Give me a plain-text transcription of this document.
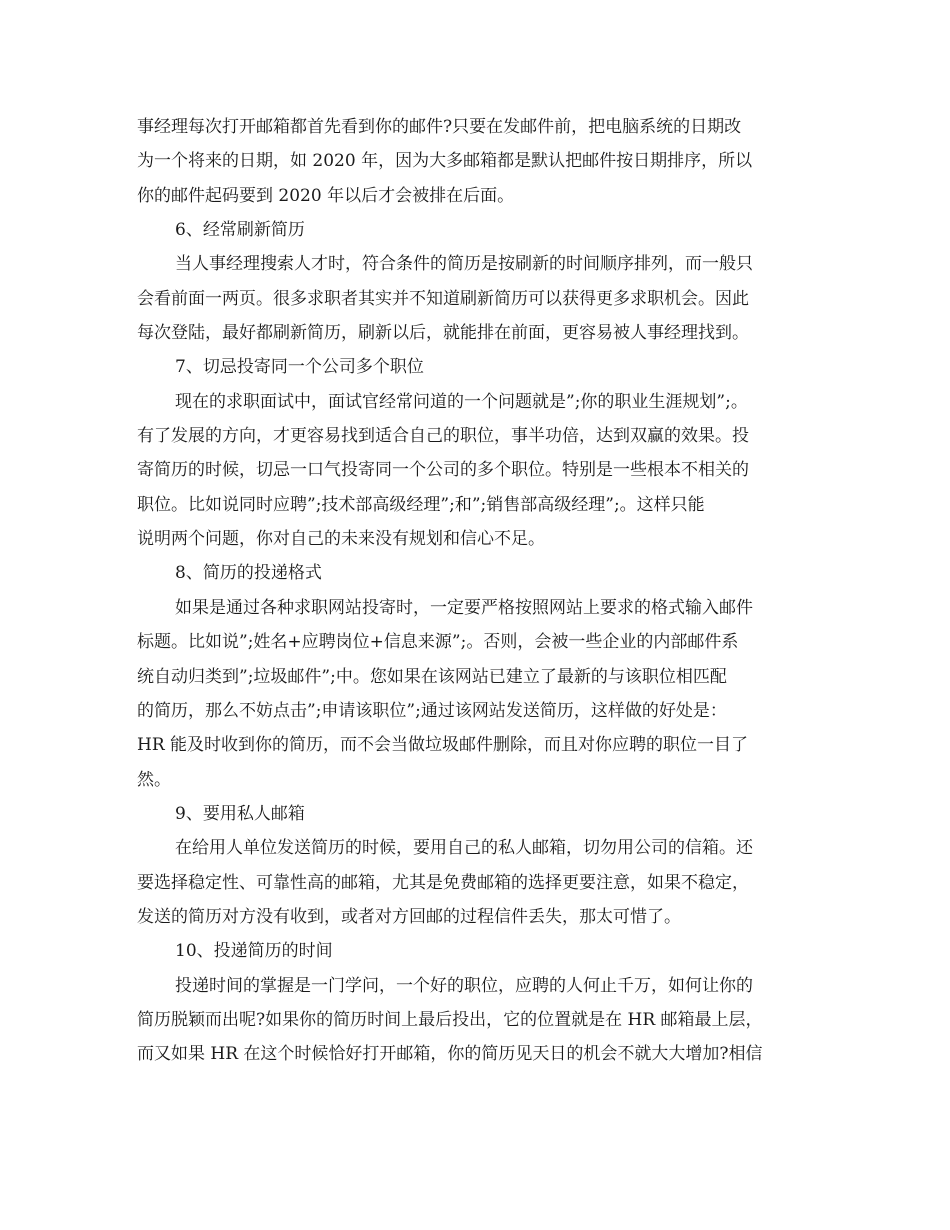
事经理每次打开邮箱都首先看到你的邮件?只要在发邮件前，把电脑系统的日期改
为一个将来的日期，如 2020 年，因为大多邮箱都是默认把邮件按日期排序，所以
你的邮件起码要到 2020 年以后才会被排在后面。
6、经常刷新简历
当人事经理搜索人才时，符合条件的简历是按刷新的时间顺序排列，而一般只
会看前面一两页。很多求职者其实并不知道刷新简历可以获得更多求职机会。因此
每次登陆，最好都刷新简历，刷新以后，就能排在前面，更容易被人事经理找到。
7、切忌投寄同一个公司多个职位
现在的求职面试中，面试官经常问道的一个问题就是”;你的职业生涯规划”;。
有了发展的方向，才更容易找到适合自己的职位，事半功倍，达到双赢的效果。投
寄简历的时候，切忌一口气投寄同一个公司的多个职位。特别是一些根本不相关的
职位。比如说同时应聘”;技术部高级经理”;和”;销售部高级经理”;。这样只能
说明两个问题，你对自己的未来没有规划和信心不足。
8、简历的投递格式
如果是通过各种求职网站投寄时，一定要严格按照网站上要求的格式输入邮件
标题。比如说”;姓名+应聘岗位+信息来源”;。否则，会被一些企业的内部邮件系
统自动归类到”;垃圾邮件”;中。您如果在该网站已建立了最新的与该职位相匹配
的简历，那么不妨点击”;申请该职位”;通过该网站发送简历，这样做的好处是：
HR 能及时收到你的简历，而不会当做垃圾邮件删除，而且对你应聘的职位一目了
然。
9、要用私人邮箱
在给用人单位发送简历的时候，要用自己的私人邮箱，切勿用公司的信箱。还
要选择稳定性、可靠性高的邮箱，尤其是免费邮箱的选择更要注意，如果不稳定，
发送的简历对方没有收到，或者对方回邮的过程信件丢失，那太可惜了。
10、投递简历的时间
投递时间的掌握是一门学问，一个好的职位，应聘的人何止千万，如何让你的
简历脱颖而出呢?如果你的简历时间上最后投出，它的位置就是在 HR 邮箱最上层，
而又如果 HR 在这个时候恰好打开邮箱，你的简历见天日的机会不就大大增加?相信
